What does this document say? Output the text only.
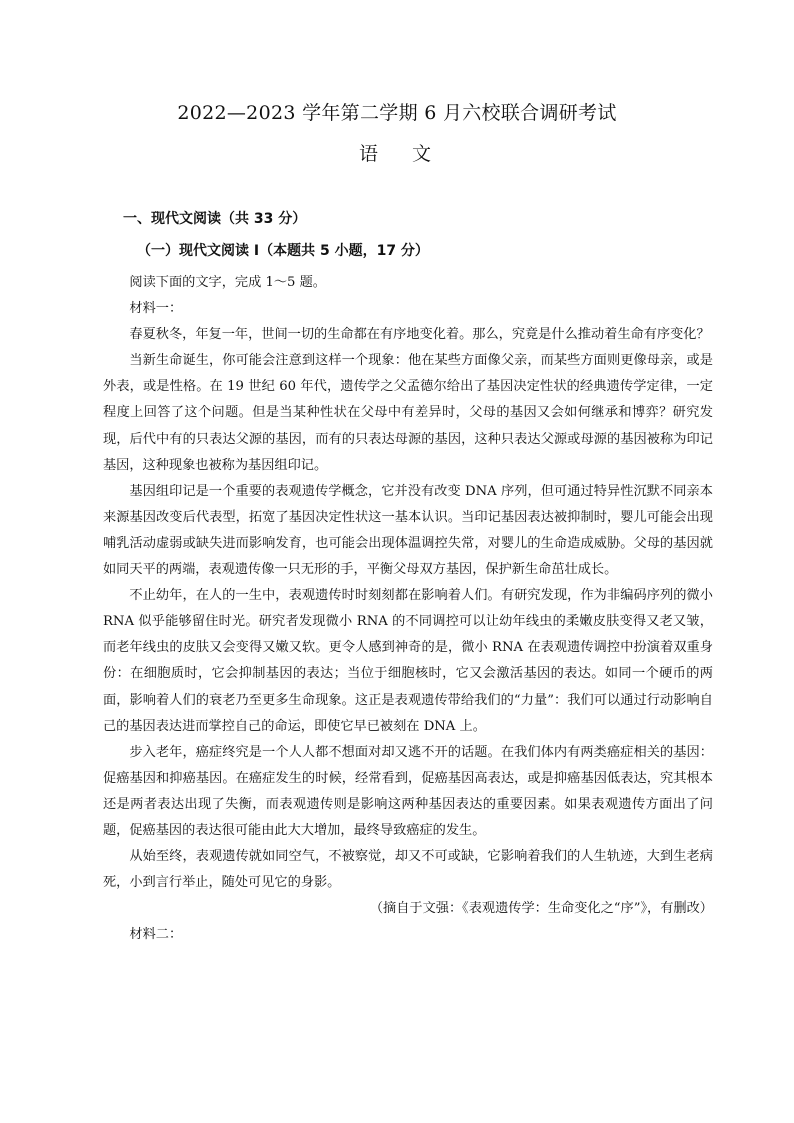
2022—2023 学年第二学期 6 月六校联合调研考试
语 文
一、现代文阅读（共 33 分）
（一）现代文阅读 I（本题共 5 小题，17 分）

阅读下面的文字，完成 1～5 题。

材料一：

春夏秋冬，年复一年，世间一切的生命都在有序地变化着。那么，究竟是什么推动着生命有序变化？

当新生命诞生，你可能会注意到这样一个现象：他在某些方面像父亲，而某些方面则更像母亲，或是外表，或是性格。在 19 世纪 60 年代，遗传学之父孟德尔给出了基因决定性状的经典遗传学定律，一定程度上回答了这个问题。但是当某种性状在父母中有差异时，父母的基因又会如何继承和博弈？研究发现，后代中有的只表达父源的基因，而有的只表达母源的基因，这种只表达父源或母源的基因被称为印记基因，这种现象也被称为基因组印记。

基因组印记是一个重要的表观遗传学概念，它并没有改变 DNA 序列，但可通过特异性沉默不同亲本来源基因改变后代表型，拓宽了基因决定性状这一基本认识。当印记基因表达被抑制时，婴儿可能会出现哺乳活动虚弱或缺失进而影响发育，也可能会出现体温调控失常，对婴儿的生命造成威胁。父母的基因就如同天平的两端，表观遗传像一只无形的手，平衡父母双方基因，保护新生命茁壮成长。

不止幼年，在人的一生中，表观遗传时时刻刻都在影响着人们。有研究发现，作为非编码序列的微小 RNA 似乎能够留住时光。研究者发现微小 RNA 的不同调控可以让幼年线虫的柔嫩皮肤变得又老又皱，而老年线虫的皮肤又会变得又嫩又软。更令人感到神奇的是，微小 RNA 在表观遗传调控中扮演着双重身份：在细胞质时，它会抑制基因的表达；当位于细胞核时，它又会激活基因的表达。如同一个硬币的两面，影响着人们的衰老乃至更多生命现象。这正是表观遗传带给我们的“力量”：我们可以通过行动影响自己的基因表达进而掌控自己的命运，即使它早已被刻在 DNA 上。

步入老年，癌症终究是一个人人都不想面对却又逃不开的话题。在我们体内有两类癌症相关的基因：促癌基因和抑癌基因。在癌症发生的时候，经常看到，促癌基因高表达，或是抑癌基因低表达，究其根本还是两者表达出现了失衡，而表观遗传则是影响这两种基因表达的重要因素。如果表观遗传方面出了问题，促癌基因的表达很可能由此大大增加，最终导致癌症的发生。

从始至终，表观遗传就如同空气，不被察觉，却又不可或缺，它影响着我们的人生轨迹，大到生老病死，小到言行举止，随处可见它的身影。

（摘自于文强：《表观遗传学：生命变化之“序”》，有删改）

材料二：
